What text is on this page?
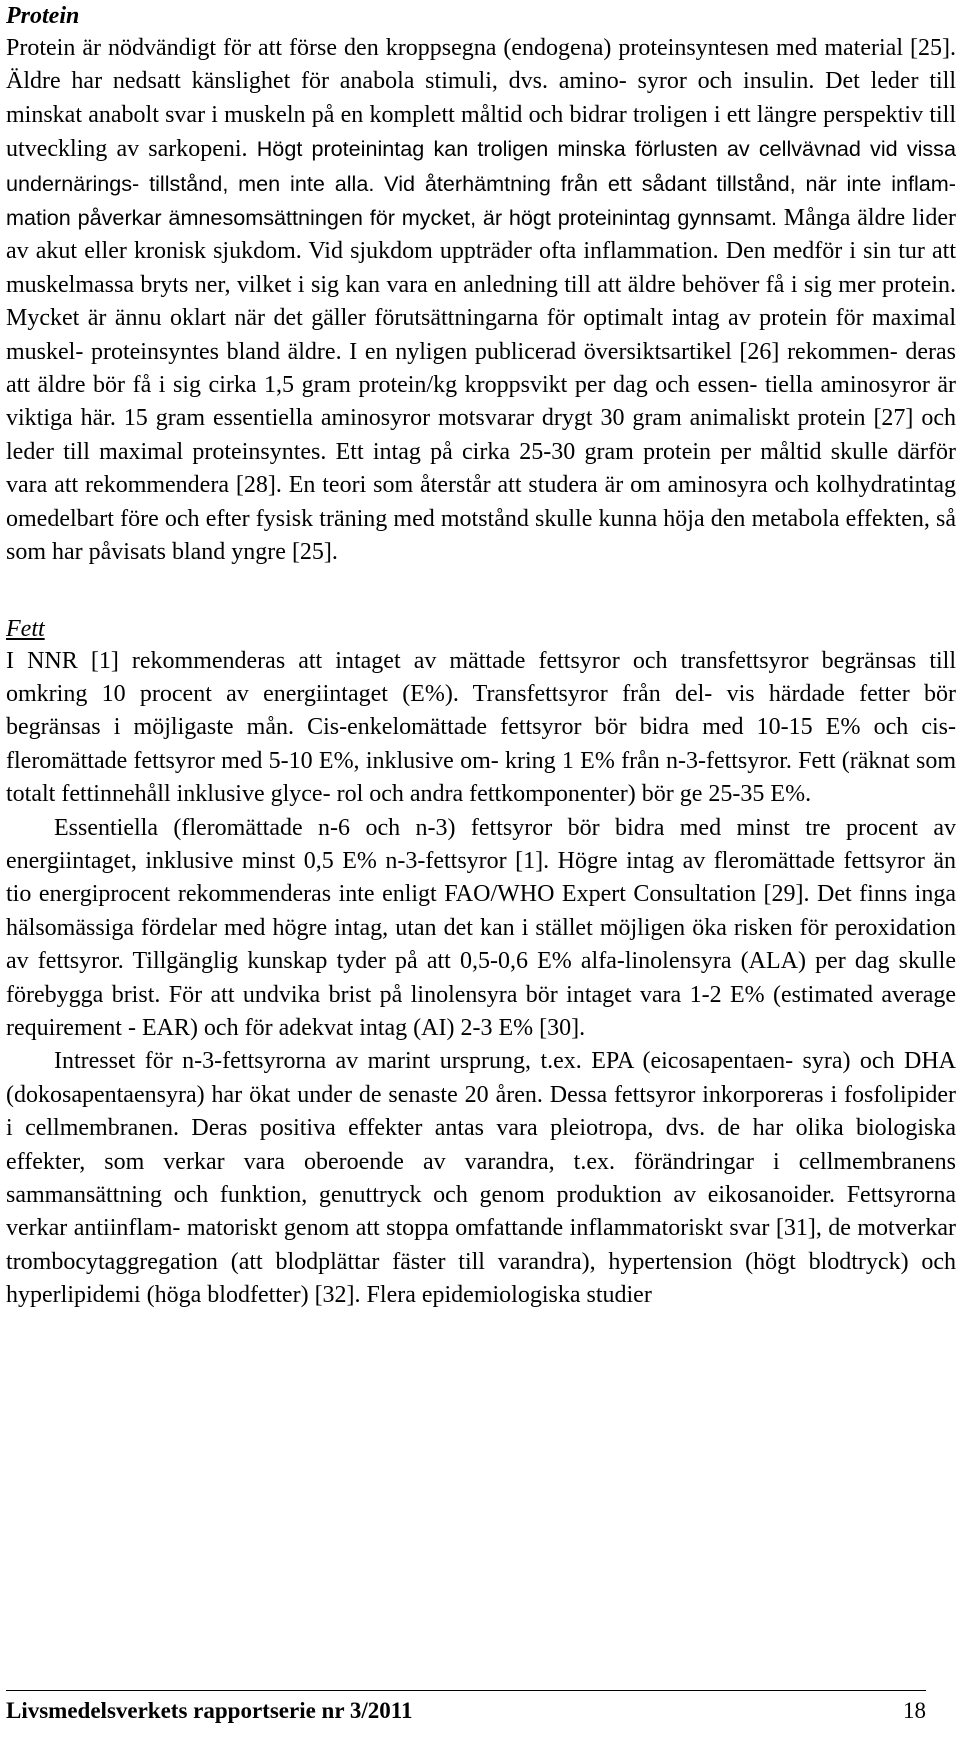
Protein

Protein är nödvändigt för att förse den kroppsegna (endogena) proteinsyntesen med material [25]. Äldre har nedsatt känslighet för anabola stimuli, dvs. amino- syror och insulin. Det leder till minskat anabolt svar i muskeln på en komplett måltid och bidrar troligen i ett längre perspektiv till utveckling av sarkopeni. Högt proteinintag kan troligen minska förlusten av cellvävnad vid vissa undernärings- tillstånd, men inte alla. Vid återhämtning från ett sådant tillstånd, när inte inflam- mation påverkar ämnesomsättningen för mycket, är högt proteinintag gynnsamt. Många äldre lider av akut eller kronisk sjukdom. Vid sjukdom uppträder ofta inflammation. Den medför i sin tur att muskelmassa bryts ner, vilket i sig kan vara en anledning till att äldre behöver få i sig mer protein. Mycket är ännu oklart när det gäller förutsättningarna för optimalt intag av protein för maximal muskel- proteinsyntes bland äldre. I en nyligen publicerad översiktsartikel [26] rekommen- deras att äldre bör få i sig cirka 1,5 gram protein/kg kroppsvikt per dag och essen- tiella aminosyror är viktiga här. 15 gram essentiella aminosyror motsvarar drygt 30 gram animaliskt protein [27] och leder till maximal proteinsyntes. Ett intag på cirka 25-30 gram protein per måltid skulle därför vara att rekommendera [28]. En teori som återstår att studera är om aminosyra och kolhydratintag omedelbart före och efter fysisk träning med motstånd skulle kunna höja den metabola effekten, så som har påvisats bland yngre [25].

Fett

I NNR [1] rekommenderas att intaget av mättade fettsyror och transfettsyror begränsas till omkring 10 procent av energiintaget (E%). Transfettsyror från del- vis härdade fetter bör begränsas i möjligaste mån. Cis-enkelomättade fettsyror bör bidra med 10-15 E% och cis-fleromättade fettsyror med 5-10 E%, inklusive om- kring 1 E% från n-3-fettsyror. Fett (räknat som totalt fettinnehåll inklusive glyce- rol och andra fettkomponenter) bör ge 25-35 E%.

Essentiella (fleromättade n-6 och n-3) fettsyror bör bidra med minst tre procent av energiintaget, inklusive minst 0,5 E% n-3-fettsyror [1]. Högre intag av fleromättade fettsyror än tio energiprocent rekommenderas inte enligt FAO/WHO Expert Consultation [29]. Det finns inga hälsomässiga fördelar med högre intag, utan det kan i stället möjligen öka risken för peroxidation av fettsyror. Tillgänglig kunskap tyder på att 0,5-0,6 E% alfa-linolensyra (ALA) per dag skulle förebygga brist. För att undvika brist på linolensyra bör intaget vara 1-2 E% (estimated average requirement - EAR) och för adekvat intag (AI) 2-3 E% [30].

Intresset för n-3-fettsyrorna av marint ursprung, t.ex. EPA (eicosapentaen- syra) och DHA (dokosapentaensyra) har ökat under de senaste 20 åren. Dessa fettsyror inkorporeras i fosfolipider i cellmembranen. Deras positiva effekter antas vara pleiotropa, dvs. de har olika biologiska effekter, som verkar vara oberoende av varandra, t.ex. förändringar i cellmembranens sammansättning och funktion, genuttryck och genom produktion av eikosanoider. Fettsyrorna verkar antiinflam- matoriskt genom att stoppa omfattande inflammatoriskt svar [31], de motverkar trombocytaggregation (att blodplättar fäster till varandra), hypertension (högt blodtryck) och hyperlipidemi (höga blodfetter) [32]. Flera epidemiologiska studier

Livsmedelsverkets rapportserie nr 3/2011	18
